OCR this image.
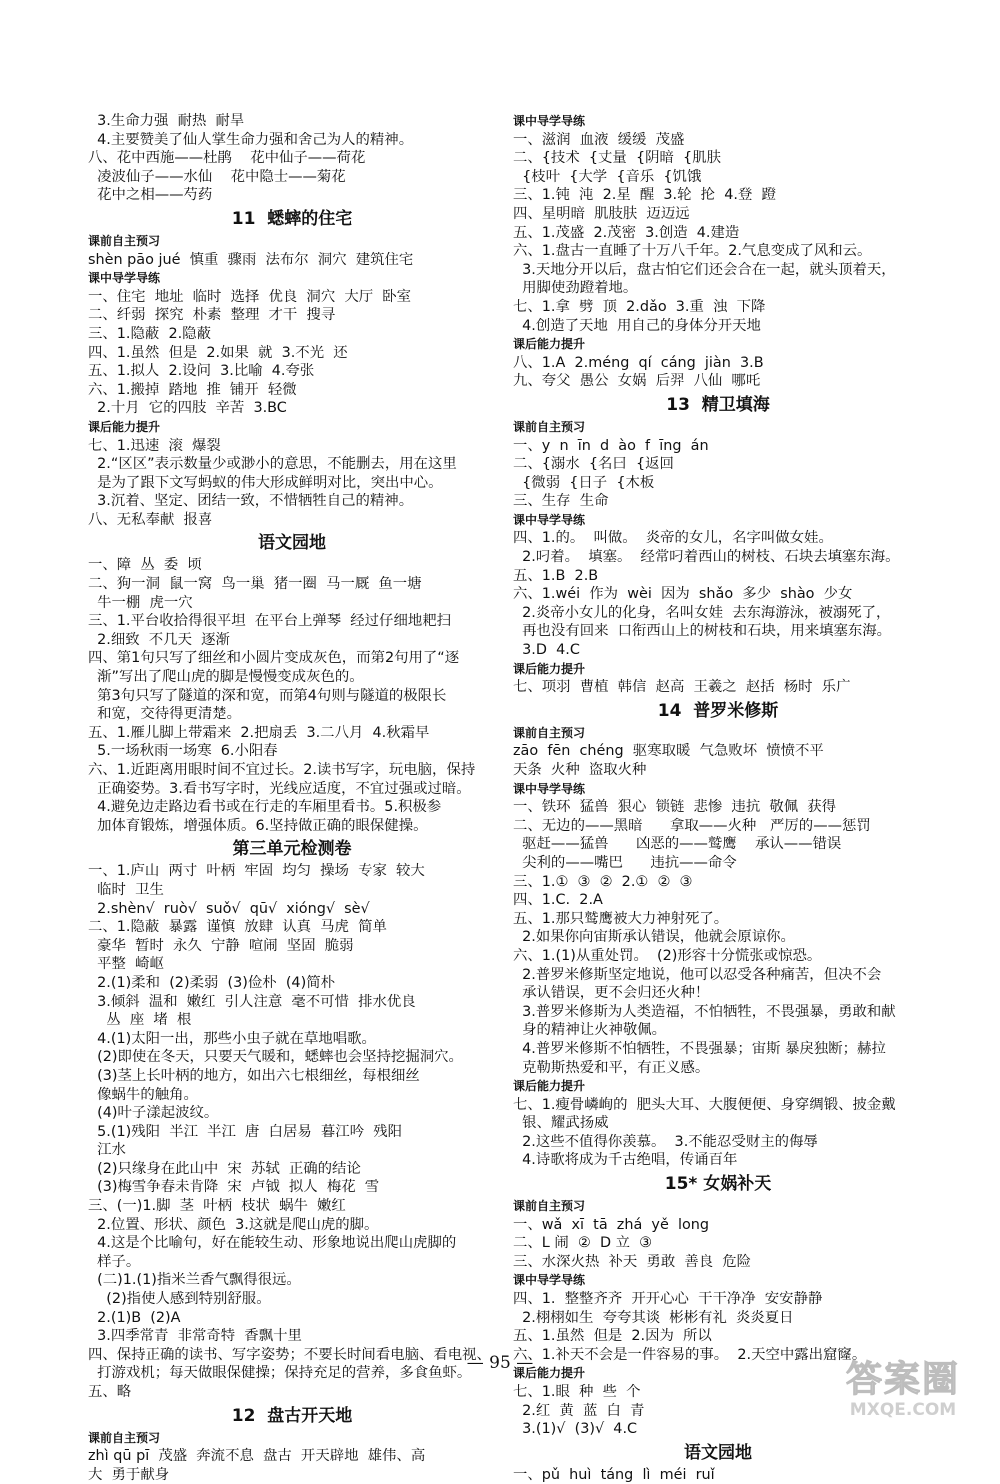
3.生命力强  耐热  耐旱
4.主要赞美了仙人掌生命力强和舍己为人的精神。
八、花中西施——杜鹃    花中仙子——荷花
凌波仙子——水仙    花中隐士——菊花
花中之相——芍药
11  蟋蟀的住宅
课前自主预习
shèn pāo jué  慎重  骤雨  法布尔  洞穴  建筑住宅
课中导学导练
一、住宅  地址  临时  选择  优良  洞穴  大厅  卧室
二、纤弱  探究  朴素  整理  才干  搜寻
三、1.隐蔽  2.隐蔽
四、1.虽然  但是  2.如果  就  3.不光  还
五、1.拟人  2.设问  3.比喻  4.夸张
六、1.搬掉  踏地  推  铺开  轻微
2.十月  它的四肢  辛苦  3.BC
课后能力提升
七、1.迅速  滚  爆裂
2.“区区”表示数量少或渺小的意思，不能删去，用在这里
是为了跟下文写蚂蚁的伟大形成鲜明对比，突出中心。
3.沉着、坚定、团结一致，不惜牺牲自己的精神。
八、无私奉献  报喜
语文园地
一、障  丛  委  顷
二、狗一洞  鼠一窝  鸟一巢  猪一圈  马一厩  鱼一塘
牛一棚  虎一穴
三、1.平台收拾得很平坦  在平台上弹琴  经过仔细地耙扫
2.细致  不几天  逐渐
四、第1句只写了细丝和小圆片变成灰色，而第2句用了“逐
渐”写出了爬山虎的脚是慢慢变成灰色的。
第3句只写了隧道的深和宽，而第4句则与隧道的极限长
和宽，交待得更清楚。
五、1.雁儿脚上带霜来  2.把扇丢  3.二八月  4.秋霜早
5.一场秋雨一场寒  6.小阳春
六、1.近距离用眼时间不宜过长。2.读书写字，玩电脑，保持
正确姿势。3.看书写字时，光线应适度，不宜过强或过暗。
4.避免边走路边看书或在行走的车厢里看书。5.积极参
加体育锻炼，增强体质。6.坚持做正确的眼保健操。
第三单元检测卷
一、1.庐山  两寸  叶柄  牢固  均匀  操场  专家  较大
临时  卫生
2.shèn√  ruò√  suǒ√  qū√  xióng√  sè√
二、1.隐蔽  暴露  谨慎  放肆  认真  马虎  简单
豪华  暂时  永久  宁静  喧闹  坚固  脆弱
平整  崎岖
2.(1)柔和  (2)柔弱  (3)俭朴  (4)简朴
3.倾斜  温和  嫩红  引人注意  毫不可惜  排水优良
丛  座  堵  根
4.(1)太阳一出，那些小虫子就在草地唱歌。
(2)即使在冬天，只要天气暖和，蟋蟀也会坚持挖掘洞穴。
(3)茎上长叶柄的地方，如出六七根细丝，每根细丝
像蜗牛的触角。
(4)叶子漾起波纹。
5.(1)残阳  半江  半江  唐  白居易  暮江吟  残阳
江水
(2)只缘身在此山中  宋  苏轼  正确的结论
(3)梅雪争春未肯降  宋  卢钺  拟人  梅花  雪
三、(一)1.脚  茎  叶柄  枝状  蜗牛  嫩红
2.位置、形状、颜色  3.这就是爬山虎的脚。
4.这是个比喻句，好在能较生动、形象地说出爬山虎脚的
样子。
(二)1.(1)指米兰香气飘得很远。
(2)指使人感到特别舒服。
2.(1)B  (2)A
3.四季常青  非常奇特  香飘十里
四、保持正确的读书、写字姿势；不要长时间看电脑、看电视、
打游戏机；每天做眼保健操；保持充足的营养，多食鱼虾。
五、略
12  盘古开天地
课前自主预习
zhì qū pī  茂盛  奔流不息  盘古  开天辟地  雄伟、高
大  勇于献身
课中导学导练
一、滋润  血液  缓缓  茂盛
二、{技术  {丈量  {阴暗  {肌肤
{枝叶  {大学  {音乐  {饥饿
三、1.钝  沌  2.星  醒  3.轮  抡  4.登  蹬
四、星明暗  肌肢肤  迈迈远
五、1.茂盛  2.茂密  3.创造  4.建造
六、1.盘古一直睡了十万八千年。2.气息变成了风和云。
3.天地分开以后，盘古怕它们还会合在一起，就头顶着天，
用脚使劲蹬着地。
七、1.拿  劈  顶  2.dǎo  3.重  浊  下降
4.创造了天地  用自己的身体分开天地
课后能力提升
八、1.A  2.méng  qí  cáng  jiàn  3.B
九、夸父  愚公  女娲  后羿  八仙  哪吒
13  精卫填海
课前自主预习
一、y  n  īn  d  ào  f  īng  án
二、{溺水  {名曰  {返回
{微弱  {日子  {木板
三、生存  生命
课中导学导练
四、1.的。  叫做。  炎帝的女儿，名字叫做女娃。
2.叼着。  填塞。  经常叼着西山的树枝、石块去填塞东海。
五、1.B  2.B
六、1.wéi  作为  wèi  因为  shǎo  多少  shào  少女
2.炎帝小女儿的化身，名叫女娃  去东海游泳，被溺死了，
再也没有回来  口衔西山上的树枝和石块，用来填塞东海。
3.D  4.C
课后能力提升
七、项羽  曹植  韩信  赵高  王羲之  赵括  杨时  乐广
14  普罗米修斯
课前自主预习
zāo  fēn  chéng  驱寒取暖  气急败坏  愤愤不平
天条  火种  盗取火种
课中导学导练
一、铁环  猛兽  狠心  锁链  悲惨  违抗  敬佩  获得
二、无边的——黑暗      拿取——火种   严厉的——惩罚
驱赶——猛兽      凶恶的——鹫鹰    承认——错误
尖利的——嘴巴      违抗——命令
三、1.①  ③  ②  2.①  ②  ③
四、1.C.  2.A
五、1.那只鹫鹰被大力神射死了。
2.如果你向宙斯承认错误，他就会原谅你。
六、1.(1)从重处罚。  (2)形容十分慌张或惊恐。
2.普罗米修斯坚定地说，他可以忍受各种痛苦，但决不会
承认错误，更不会归还火种！
3.普罗米修斯为人类造福，不怕牺牲，不畏强暴，勇敢和献
身的精神让火神敬佩。
4.普罗米修斯不怕牺牲，不畏强暴；宙斯 暴戾独断；赫拉
克勒斯热爱和平，有正义感。
课后能力提升
七、1.瘦骨嶙峋的  肥头大耳、大腹便便、身穿绸锻、披金戴
银、耀武扬威
2.这些不值得你羡慕。  3.不能忍受财主的侮辱
4.诗歌将成为千古绝唱，传诵百年
15* 女娲补天
课前自主预习
一、wǎ  xī  tā  zhá  yě  long
二、L 闹  ②  D 立  ③
三、水深火热  补天  勇敢  善良  危险
课中导学导练
四、1.  整整齐齐  开开心心  干干净净  安安静静
2.栩栩如生  夸夸其谈  彬彬有礼  炎炎夏日
五、1.虽然  但是  2.因为  所以
六、1.补天不会是一件容易的事。  2.天空中露出窟窿。
课后能力提升
七、1.眼  种  些  个
2.红  黄  蓝  白  青
3.(1)√  (3)√  4.C
语文园地
一、pǔ  huì  táng  lì  méi  ruǐ
— 95 —	答案圈
MXQE.COM
